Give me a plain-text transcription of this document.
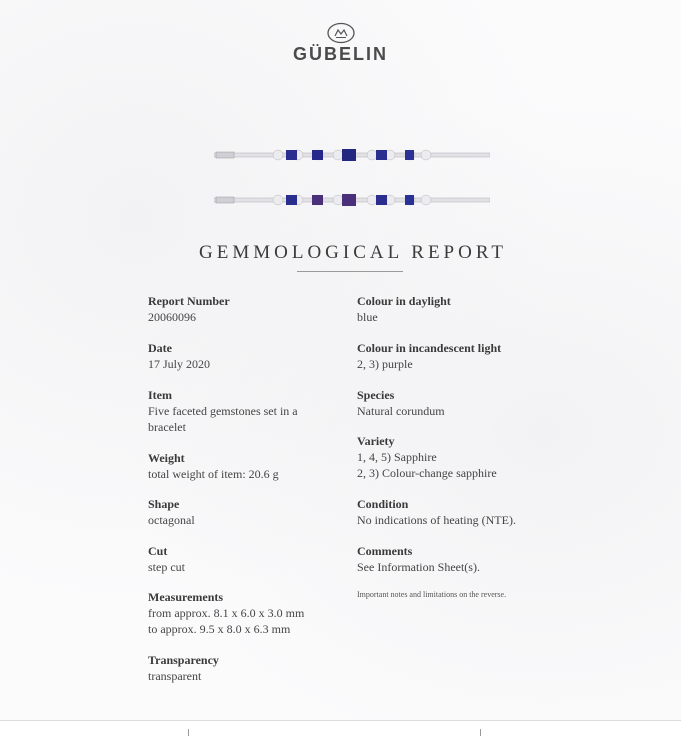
GÜBELIN
GEMMOLOGICAL REPORT
Report Number
20060096
Date
17 July 2020
Item
Five faceted gemstones set in a
bracelet
Weight
total weight of item: 20.6 g
Shape
octagonal
Cut
step cut
Measurements
from approx. 8.1 x 6.0 x 3.0 mm
to approx. 9.5 x 8.0 x 6.3 mm
Transparency
transparent
Colour in daylight
blue
Colour in incandescent light
2, 3) purple
Species
Natural corundum
Variety
1, 4, 5) Sapphire
2, 3) Colour-change sapphire
Condition
No indications of heating (NTE).
Comments
See Information Sheet(s).
Important notes and limitations on the reverse.
